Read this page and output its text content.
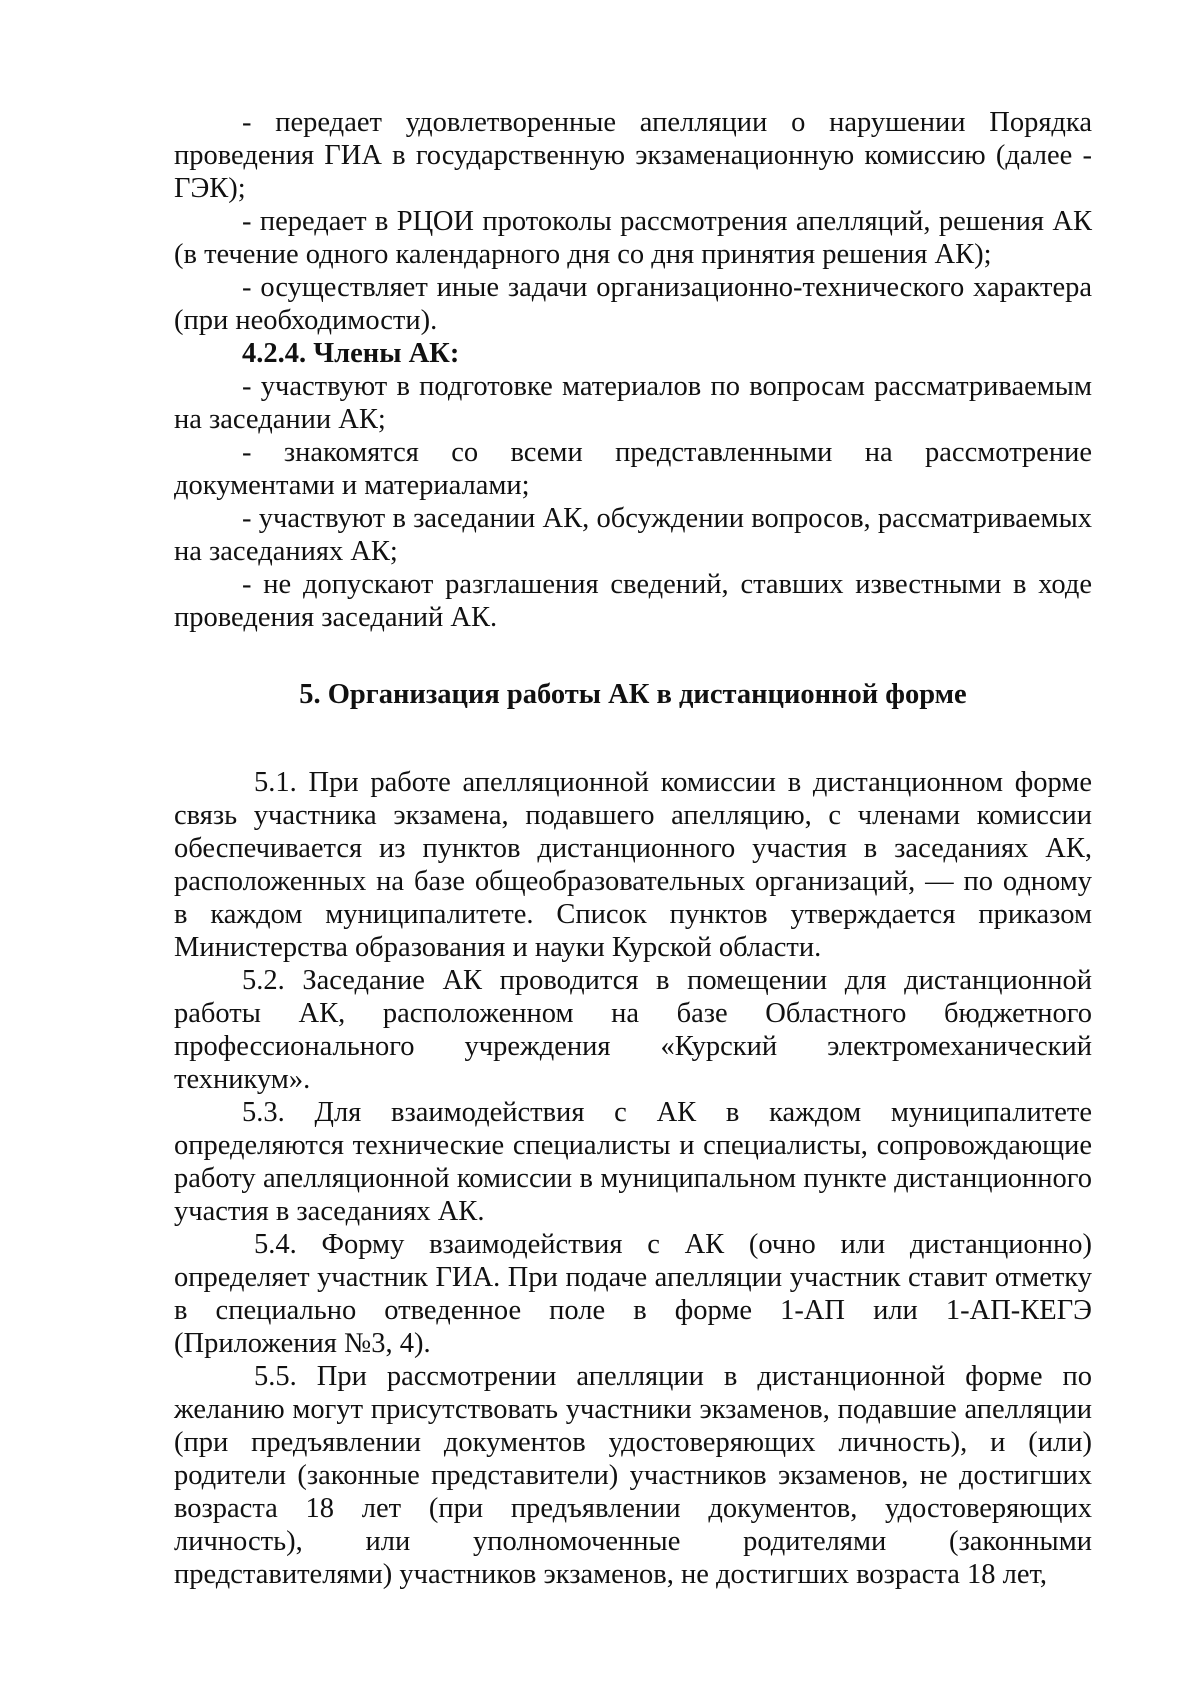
- передает удовлетворенные апелляции о нарушении Порядка проведения ГИА в государственную экзаменационную комиссию (далее - ГЭК);

- передает в РЦОИ протоколы рассмотрения апелляций, решения АК (в течение одного календарного дня со дня принятия решения АК);

- осуществляет иные задачи организационно-технического характера (при необходимости).

4.2.4. Члены АК:

- участвуют в подготовке материалов по вопросам рассматриваемым на заседании АК;

- знакомятся со всеми представленными на рассмотрение документами и материалами;

- участвуют в заседании АК, обсуждении вопросов, рассматриваемых на заседаниях АК;

- не допускают разглашения сведений, ставших известными в ходе проведения заседаний АК.

5. Организация работы АК в дистанционной форме

5.1. При работе апелляционной комиссии в дистанционном форме связь участника экзамена, подавшего апелляцию, с членами комиссии обеспечивается из пунктов дистанционного участия в заседаниях АК, расположенных на базе общеобразовательных организаций, — по одному в каждом муниципалитете. Список пунктов утверждается приказом Министерства образования и науки Курской области.

5.2. Заседание АК проводится в помещении для дистанционной работы АК, расположенном на базе Областного бюджетного профессионального учреждения «Курский электромеханический техникум».

5.3. Для взаимодействия с АК в каждом муниципалитете определяются технические специалисты и специалисты, сопровождающие работу апелляционной комиссии в муниципальном пункте дистанционного участия в заседаниях АК.

5.4. Форму взаимодействия с АК (очно или дистанционно) определяет участник ГИА. При подаче апелляции участник ставит отметку в специально отведенное поле в форме 1-АП или 1-АП-КЕГЭ (Приложения №3, 4).

5.5. При рассмотрении апелляции в дистанционной форме по желанию могут присутствовать участники экзаменов, подавшие апелляции (при предъявлении документов удостоверяющих личность), и (или) родители (законные представители) участников экзаменов, не достигших возраста 18 лет (при предъявлении документов, удостоверяющих личность), или уполномоченные родителями (законными представителями) участников экзаменов, не достигших возраста 18 лет,
